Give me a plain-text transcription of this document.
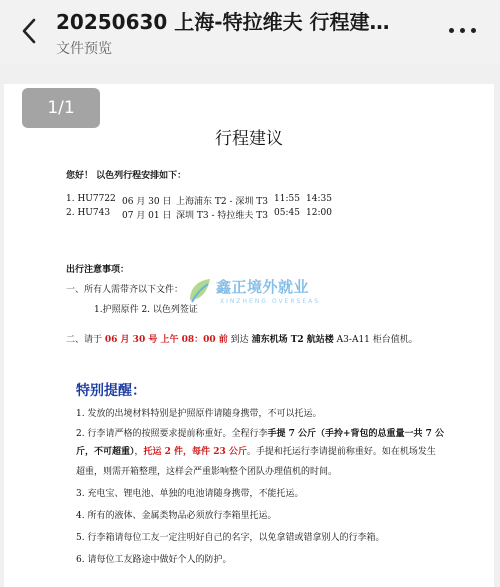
20250630 上海-特拉维夫 行程建…
文件预览
行程建议
您好！ 以色列行程安排如下：
1. HU7722 06 月 30 日 上海浦东 T2 - 深圳 T3 11:55 14:35
2. HU743 07 月 01 日 深圳 T3 - 特拉维夫 T3 05:45 12:00
出行注意事项：
一、所有人需带齐以下文件：
1.护照原件 2. 以色列签证
二、请于 06 月 30 号 上午 08：00 前 到达 浦东机场 T2 航站楼 A3-A11 柜台值机。
特别提醒：
1. 发放的出境材料特别是护照原件请随身携带，不可以托运。
2. 行李请严格的按照要求提前称重好。全程行李手提 7 公斤（手拎+背包的总重量一共 7 公
斤，不可超重），托运 2 件，每件 23 公斤。手提和托运行李请提前称重好。如在机场发生
超重，则需开箱整理，这样会严重影响整个团队办理值机的时间。
3. 充电宝、锂电池、单独的电池请随身携带，不能托运。
4. 所有的液体、金属类物品必须放行李箱里托运。
5. 行李箱请每位工友一定注明好自己的名字，以免拿错或错拿别人的行李箱。
6. 请每位工友路途中做好个人的防护。
鑫正境外就业
XINZHENG OVERSEAS
1/1
